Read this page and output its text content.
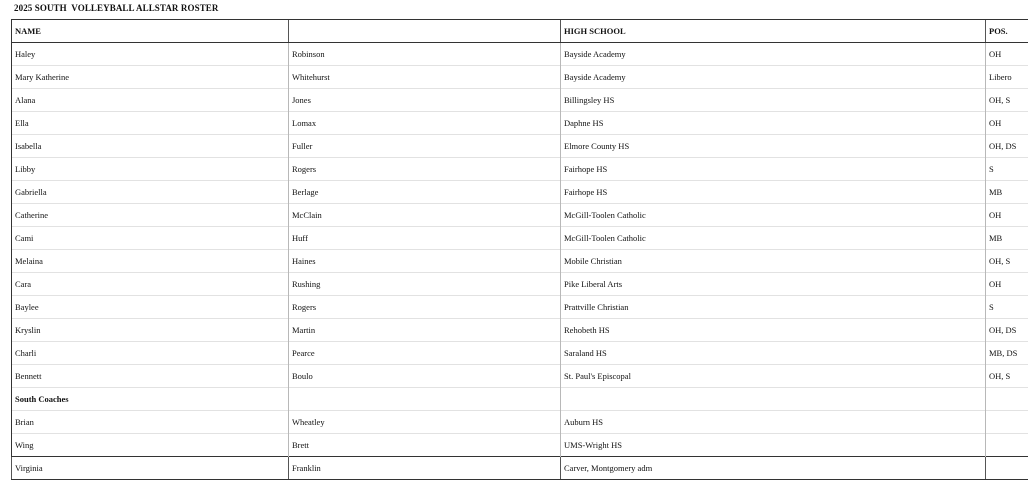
2025 SOUTH  VOLLEYBALL ALLSTAR ROSTER
NAME		HIGH SCHOOL	POS.
Haley	Robinson	Bayside Academy	OH
Mary Katherine	Whitehurst	Bayside Academy	Libero
Alana	Jones	Billingsley HS	OH, S
Ella	Lomax	Daphne HS	OH
Isabella	Fuller	Elmore County HS	OH, DS
Libby	Rogers	Fairhope HS	S
Gabriella	Berlage	Fairhope HS	MB
Catherine	McClain	McGill-Toolen Catholic	OH
Cami	Huff	McGill-Toolen Catholic	MB
Melaina	Haines	Mobile Christian	OH, S
Cara	Rushing	Pike Liberal Arts	OH
Baylee	Rogers	Prattville Christian	S
Kryslin	Martin	Rehobeth HS	OH, DS
Charli	Pearce	Saraland HS	MB, DS
Bennett	Boulo	St. Paul's Episcopal	OH, S
South Coaches			
Brian	Wheatley	Auburn HS	
Wing	Brett	UMS-Wright HS	
Virginia	Franklin	Carver, Montgomery adm	
